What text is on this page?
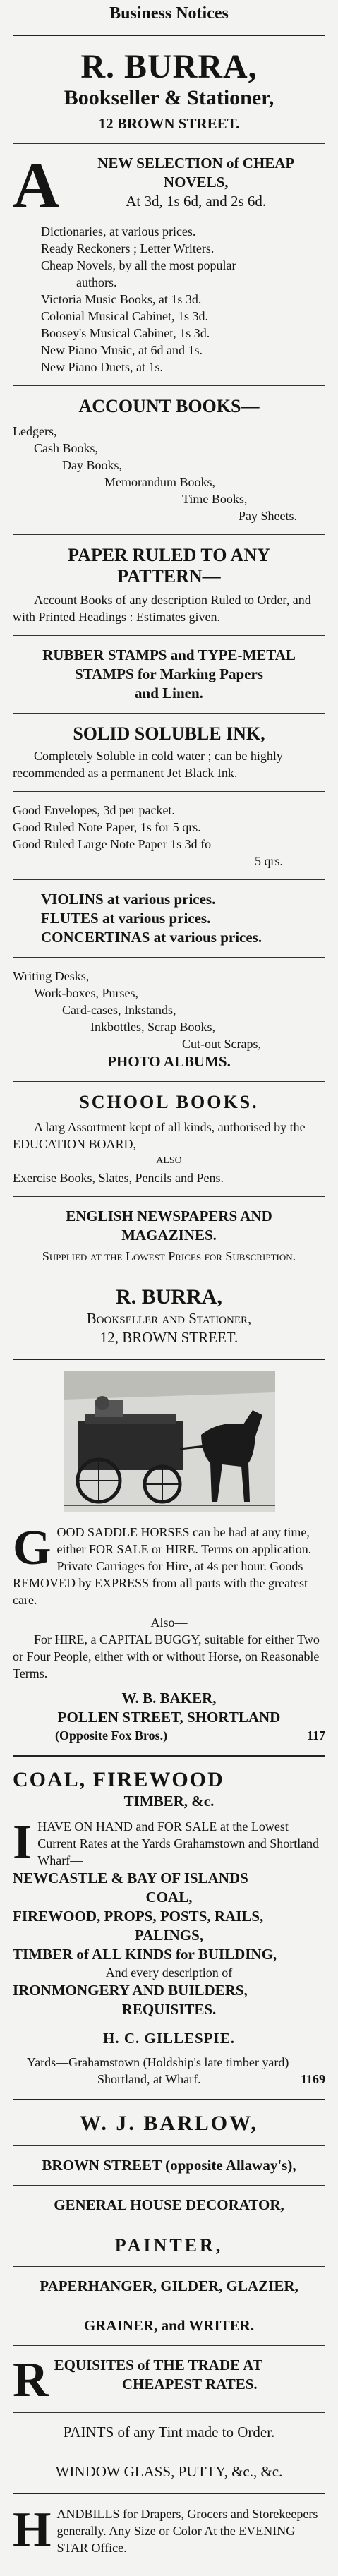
Business Notices
R. BURRA,
Bookseller & Stationer,
12 BROWN STREET.
A	NEW SELECTION of CHEAP
NOVELS,
At 3d, 1s 6d, and 2s 6d.
Dictionaries, at various prices.
Ready Reckoners ; Letter Writers.
Cheap Novels, by all the most popular
authors.
Victoria Music Books, at 1s 3d.
Colonial Musical Cabinet, 1s 3d.
Boosey's Musical Cabinet, 1s 3d.
New Piano Music, at 6d and 1s.
New Piano Duets, at 1s.
ACCOUNT BOOKS—
Ledgers,
Cash Books,
Day Books,
Memorandum Books,
Time Books,
Pay Sheets.
PAPER RULED TO ANY
PATTERN—
Account Books of any description Ruled to Order, and with Printed Headings : Estimates given.
RUBBER STAMPS and TYPE-METAL
STAMPS for Marking Papers
and Linen.
SOLID SOLUBLE INK,
Completely Soluble in cold water ; can be highly recommended as a permanent Jet Black Ink.
Good Envelopes, 3d per packet.
Good Ruled Note Paper, 1s for 5 qrs.
Good Ruled Large Note Paper 1s 3d fo
5 qrs.
VIOLINS at various prices.
FLUTES at various prices.
CONCERTINAS at various prices.
Writing Desks,
Work-boxes, Purses,
Card-cases, Inkstands,
Inkbottles, Scrap Books,
Cut-out Scraps,
PHOTO ALBUMS.
SCHOOL BOOKS.
A larg Assortment kept of all kinds, authorised by the EDUCATION BOARD,
ALSO
Exercise Books, Slates, Pencils and Pens.
ENGLISH NEWSPAPERS AND
MAGAZINES.
Supplied at the Lowest Prices for Subscription.
R. BURRA,
Bookseller and Stationer,
12, BROWN STREET.
G OOD SADDLE HORSES can be had at any time, either FOR SALE or HIRE. Terms on application. Private Carriages for Hire, at 4s per hour. Goods REMOVED by EXPRESS from all parts with the greatest care.
Also—
For HIRE, a CAPITAL BUGGY, suitable for either Two or Four People, either with or without Horse, on Reasonable Terms.
W. B. BAKER,
POLLEN STREET, SHORTLAND
(Opposite Fox Bros.)	117
COAL, FIREWOOD
TIMBER, &c.
I HAVE ON HAND and FOR SALE at the Lowest Current Rates at the Yards Grahamstown and Shortland Wharf—
NEWCASTLE & BAY OF ISLANDS
COAL,
FIREWOOD, PROPS, POSTS, RAILS,
PALINGS,
TIMBER of ALL KINDS for BUILDING,
And every description of
IRONMONGERY AND BUILDERS,
REQUISITES.
H. C. GILLESPIE.
Yards—Grahamstown (Holdship's late timber yard)
Shortland, at Wharf.	1169
W. J. BARLOW,
BROWN STREET (opposite Allaway's),
GENERAL HOUSE DECORATOR,
PAINTER,
PAPERHANGER, GILDER, GLAZIER,
GRAINER, and WRITER.
R EQUISITES of THE TRADE AT
CHEAPEST RATES.
PAINTS of any Tint made to Order.
WINDOW GLASS, PUTTY, &c., &c.
H ANDBILLS for Drapers, Grocers and Storekeepers generally. Any Size or Color At the EVENING STAR Office.
